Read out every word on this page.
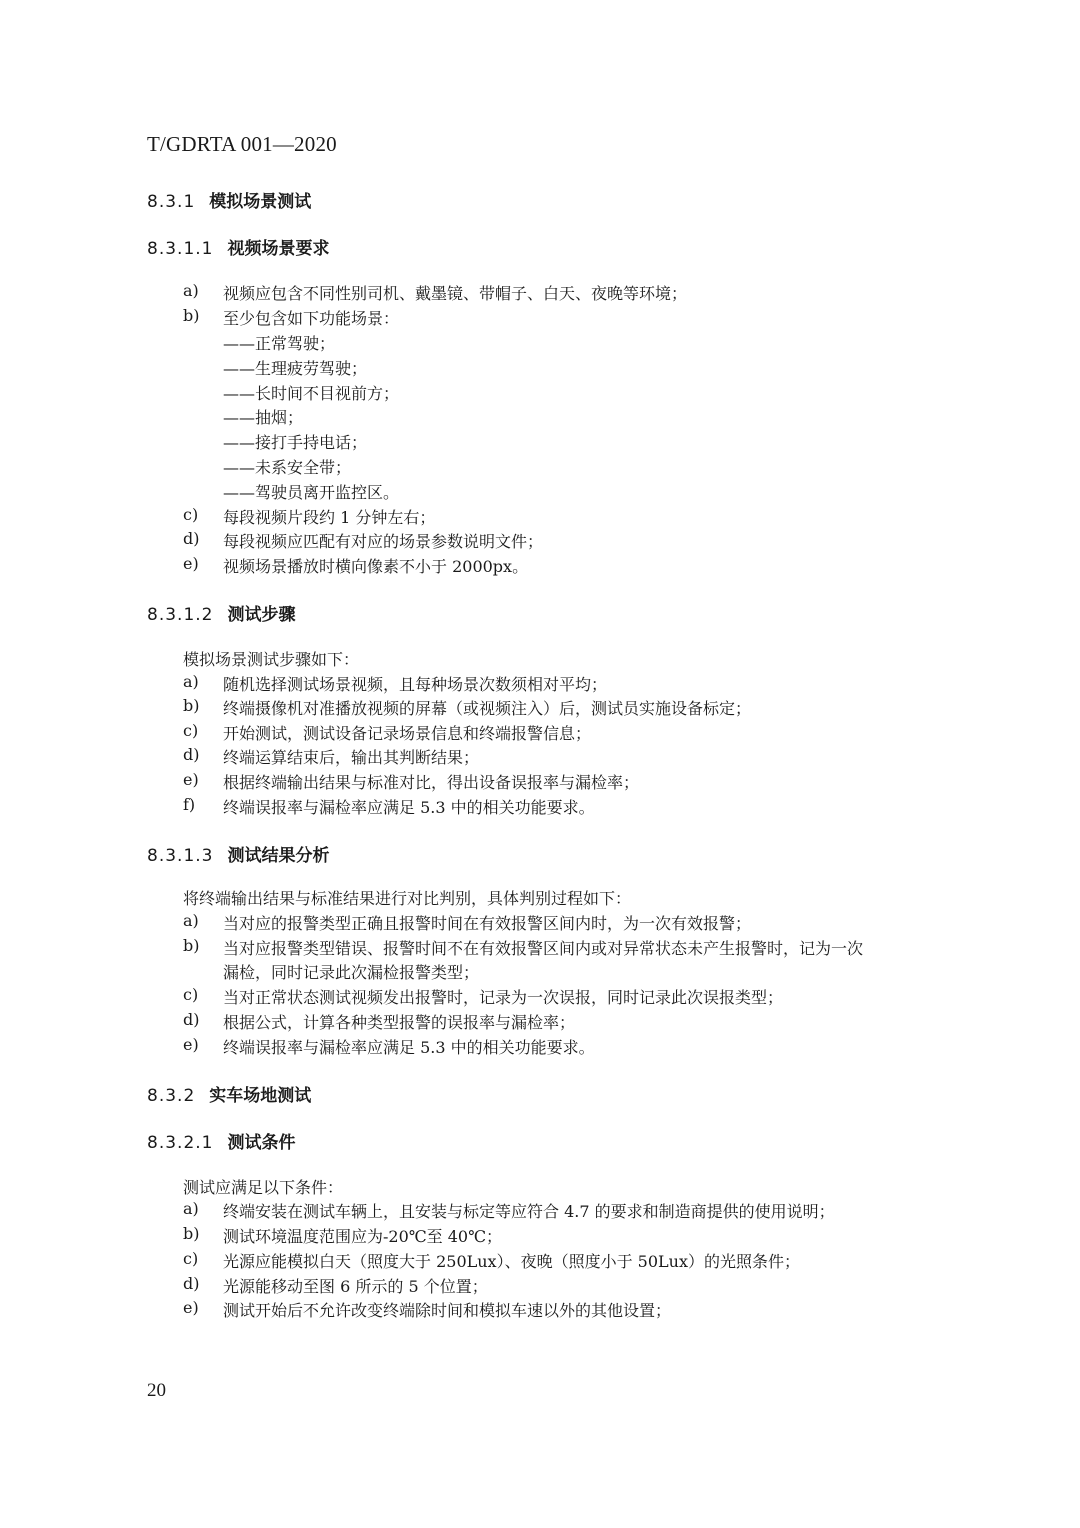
T/GDRTA 001—2020
8.3.1 模拟场景测试
8.3.1.1 视频场景要求
a) 视频应包含不同性别司机、戴墨镜、带帽子、白天、夜晚等环境；
b) 至少包含如下功能场景：
——正常驾驶；
——生理疲劳驾驶；
——长时间不目视前方；
——抽烟；
——接打手持电话；
——未系安全带；
——驾驶员离开监控区。
c) 每段视频片段约 1 分钟左右；
d) 每段视频应匹配有对应的场景参数说明文件；
e) 视频场景播放时横向像素不小于 2000px。
8.3.1.2 测试步骤
模拟场景测试步骤如下：
a) 随机选择测试场景视频，且每种场景次数须相对平均；
b) 终端摄像机对准播放视频的屏幕（或视频注入）后，测试员实施设备标定；
c) 开始测试，测试设备记录场景信息和终端报警信息；
d) 终端运算结束后，输出其判断结果；
e) 根据终端输出结果与标准对比，得出设备误报率与漏检率；
f) 终端误报率与漏检率应满足 5.3 中的相关功能要求。
8.3.1.3 测试结果分析
将终端输出结果与标准结果进行对比判别，具体判别过程如下：
a) 当对应的报警类型正确且报警时间在有效报警区间内时，为一次有效报警；
b) 当对应报警类型错误、报警时间不在有效报警区间内或对异常状态未产生报警时，记为一次
漏检，同时记录此次漏检报警类型；
c) 当对正常状态测试视频发出报警时，记录为一次误报，同时记录此次误报类型；
d) 根据公式，计算各种类型报警的误报率与漏检率；
e) 终端误报率与漏检率应满足 5.3 中的相关功能要求。
8.3.2 实车场地测试
8.3.2.1 测试条件
测试应满足以下条件：
a) 终端安装在测试车辆上，且安装与标定等应符合 4.7 的要求和制造商提供的使用说明；
b) 测试环境温度范围应为-20℃至 40℃；
c) 光源应能模拟白天（照度大于 250Lux）、夜晚（照度小于 50Lux）的光照条件；
d) 光源能移动至图 6 所示的 5 个位置；
e) 测试开始后不允许改变终端除时间和模拟车速以外的其他设置；
20
